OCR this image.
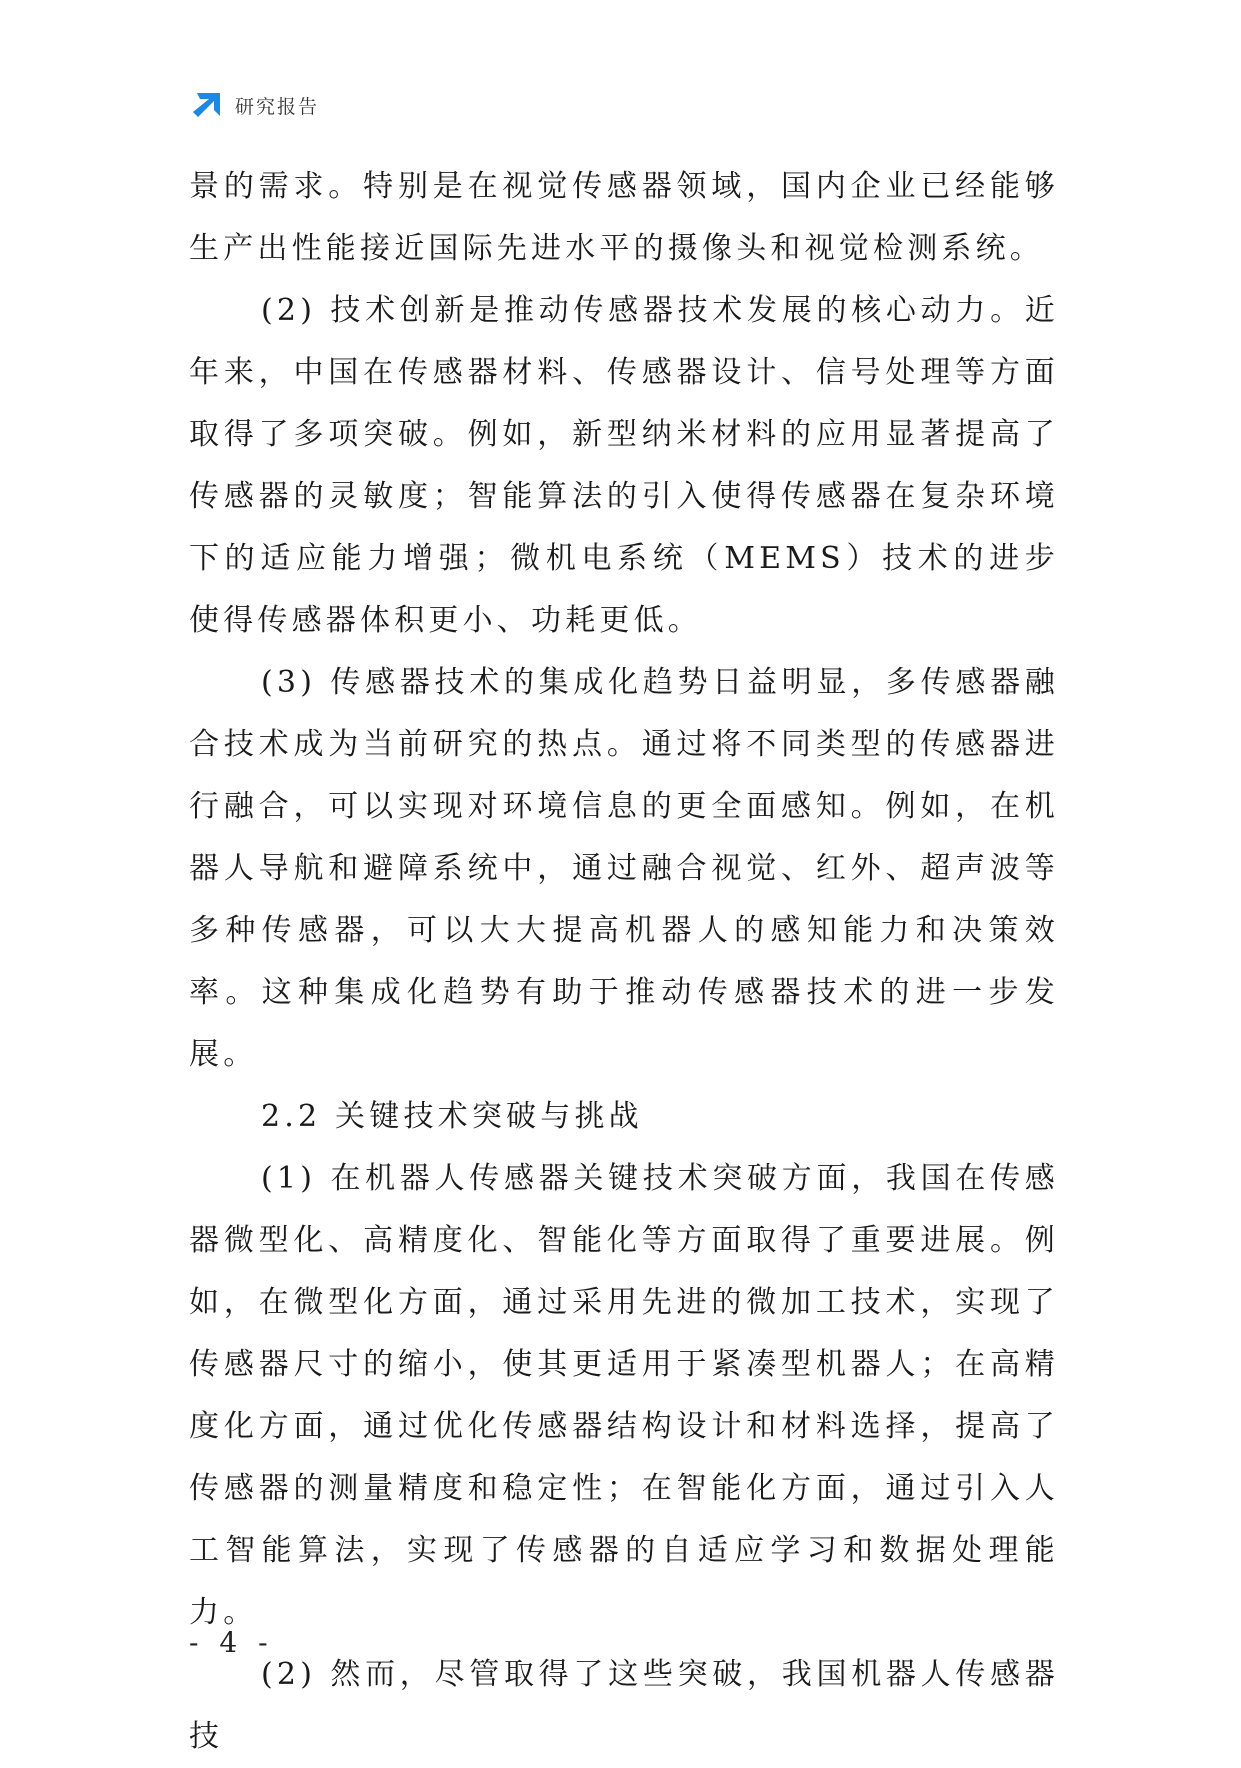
研究报告

景的需求。特别是在视觉传感器领域，国内企业已经能够生产出性能接近国际先进水平的摄像头和视觉检测系统。

(2) 技术创新是推动传感器技术发展的核心动力。近年来，中国在传感器材料、传感器设计、信号处理等方面取得了多项突破。例如，新型纳米材料的应用显著提高了传感器的灵敏度；智能算法的引入使得传感器在复杂环境下的适应能力增强；微机电系统（MEMS）技术的进步使得传感器体积更小、功耗更低。

(3) 传感器技术的集成化趋势日益明显，多传感器融合技术成为当前研究的热点。通过将不同类型的传感器进行融合，可以实现对环境信息的更全面感知。例如，在机器人导航和避障系统中，通过融合视觉、红外、超声波等多种传感器，可以大大提高机器人的感知能力和决策效率。这种集成化趋势有助于推动传感器技术的进一步发展。

2.2 关键技术突破与挑战

(1) 在机器人传感器关键技术突破方面，我国在传感器微型化、高精度化、智能化等方面取得了重要进展。例如，在微型化方面，通过采用先进的微加工技术，实现了传感器尺寸的缩小，使其更适用于紧凑型机器人；在高精度化方面，通过优化传感器结构设计和材料选择，提高了传感器的测量精度和稳定性；在智能化方面，通过引入人工智能算法，实现了传感器的自适应学习和数据处理能力。

(2) 然而，尽管取得了这些突破，我国机器人传感器技

- 4 -
